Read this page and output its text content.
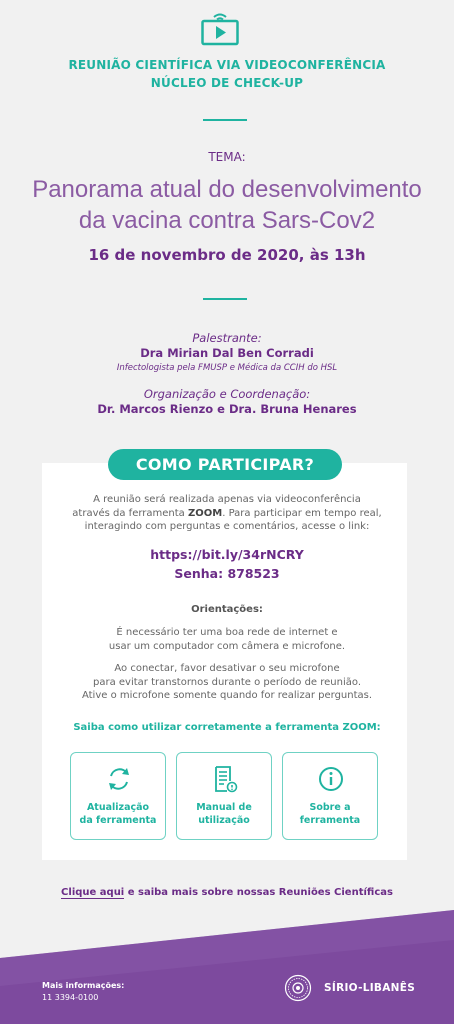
REUNIÃO CIENTÍFICA VIA VIDEOCONFERÊNCIA
NÚCLEO DE CHECK-UP
TEMA:
Panorama atual do desenvolvimento
da vacina contra Sars-Cov2
16 de novembro de 2020, às 13h
Palestrante:
Dra Mirian Dal Ben Corradi
Infectologista pela FMUSP e Médica da CCIH do HSL
Organização e Coordenação:
Dr. Marcos Rienzo e Dra. Bruna Henares
COMO PARTICIPAR?
A reunião será realizada apenas via videoconferência
através da ferramenta ZOOM. Para participar em tempo real,
interagindo com perguntas e comentários, acesse o link:
https://bit.ly/34rNCRY
Senha: 878523
Orientações:
É necessário ter uma boa rede de internet e
usar um computador com câmera e microfone.
Ao conectar, favor desativar o seu microfone
para evitar transtornos durante o período de reunião.
Ative o microfone somente quando for realizar perguntas.
Saiba como utilizar corretamente a ferramenta ZOOM:
Atualização
da ferramenta
Manual de
utilização
Sobre a
ferramenta
Clique aqui e saiba mais sobre nossas Reuniões Científicas
Mais informações:
11 3394-0100
SÍRIO-LIBANÊS
